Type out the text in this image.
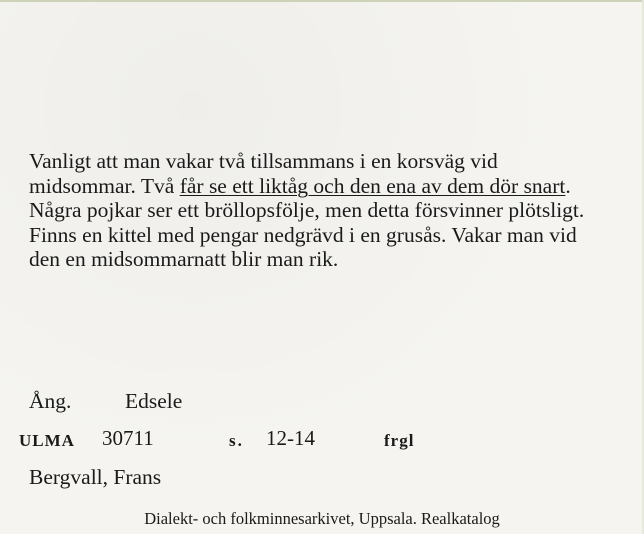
Vanligt att man vakar två tillsammans i en korsväg vid midsommar. Två får se ett liktåg och den ena av dem dör snart.

Några pojkar ser ett bröllopsfölje, men detta försvinner plötsligt.

Finns en kittel med pengar nedgrävd i en grusås. Vakar man vid den en midsommarnatt blir man rik.

Ång. Edsele
ULMA 30711	s. 12-14	frgl
Bergvall, Frans
Dialekt- och folkminnesarkivet, Uppsala. Realkatalog
